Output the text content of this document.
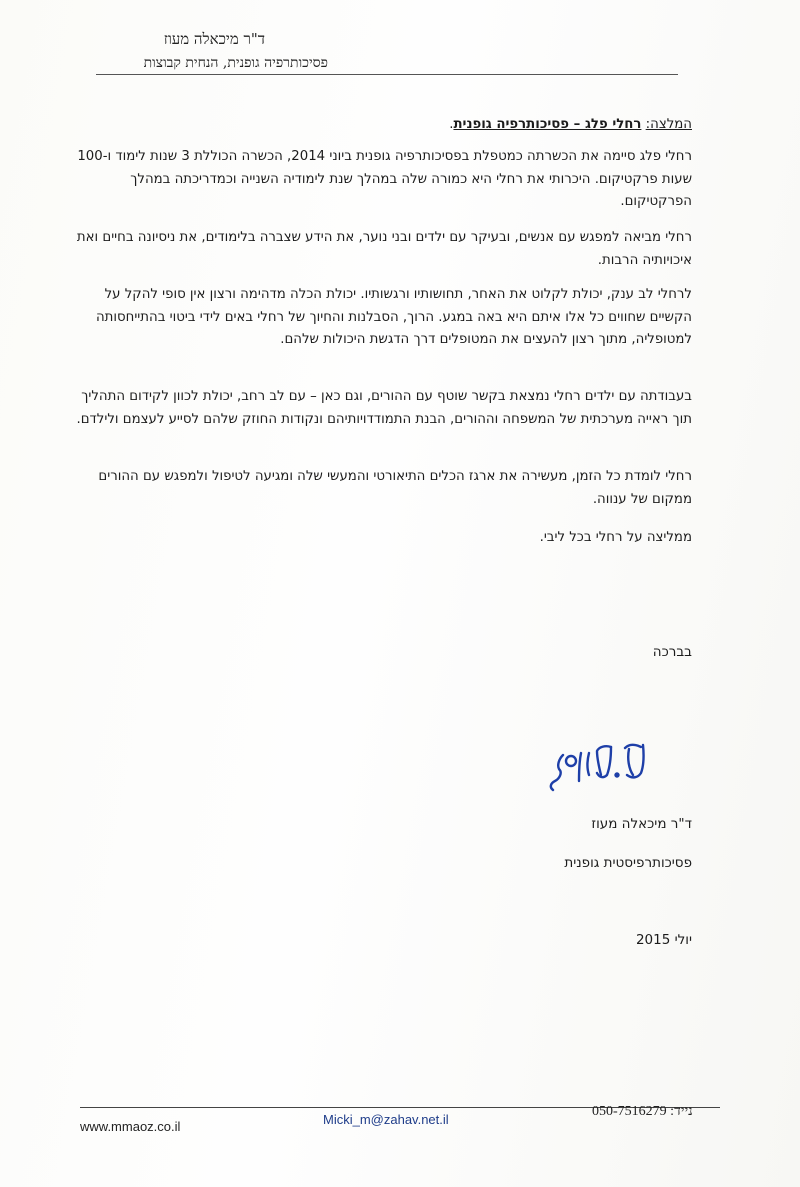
ד"ר מיכאלה מעוז
פסיכותרפיה גופנית, הנחית קבוצות
המלצה: רחלי פלג – פסיכותרפיה גופנית.

רחלי פלג סיימה את הכשרתה כמטפלת בפסיכותרפיה גופנית ביוני 2014, הכשרה הכוללת 3 שנות לימוד ו-100 שעות פרקטיקום. היכרותי את רחלי היא כמורה שלה במהלך שנת לימודיה השנייה וכמדריכתה במהלך הפרקטיקום.

רחלי מביאה למפגש עם אנשים, ובעיקר עם ילדים ובני נוער, את הידע שצברה בלימודים, את ניסיונה בחיים ואת איכויותיה הרבות.

לרחלי לב ענק, יכולת לקלוט את האחר, תחושותיו ורגשותיו. יכולת הכלה מדהימה ורצון אין סופי להקל על הקשיים שחווים כל אלו איתם היא באה במגע. הרוך, הסבלנות והחיוך של רחלי באים לידי ביטוי בהתייחסותה למטופליה, מתוך רצון להעצים את המטופלים דרך הדגשת היכולות שלהם.

בעבודתה עם ילדים רחלי נמצאת בקשר שוטף עם ההורים, וגם כאן – עם לב רחב, יכולת לכוון לקידום התהליך תוך ראייה מערכתית של המשפחה וההורים, הבנת התמודדויותיהם ונקודות החוזק שלהם לסייע לעצמם ולילדם.

רחלי לומדת כל הזמן, מעשירה את ארגז הכלים התיאורטי והמעשי שלה ומגיעה לטיפול ולמפגש עם ההורים ממקום של ענווה.

ממליצה על רחלי בכל ליבי.

בברכה
ד"ר מיכאלה מעוז
פסיכותרפיסטית גופנית
יולי 2015
www.mmaoz.co.il	Micki_m@zahav.net.il
נייד: 050-7516279
